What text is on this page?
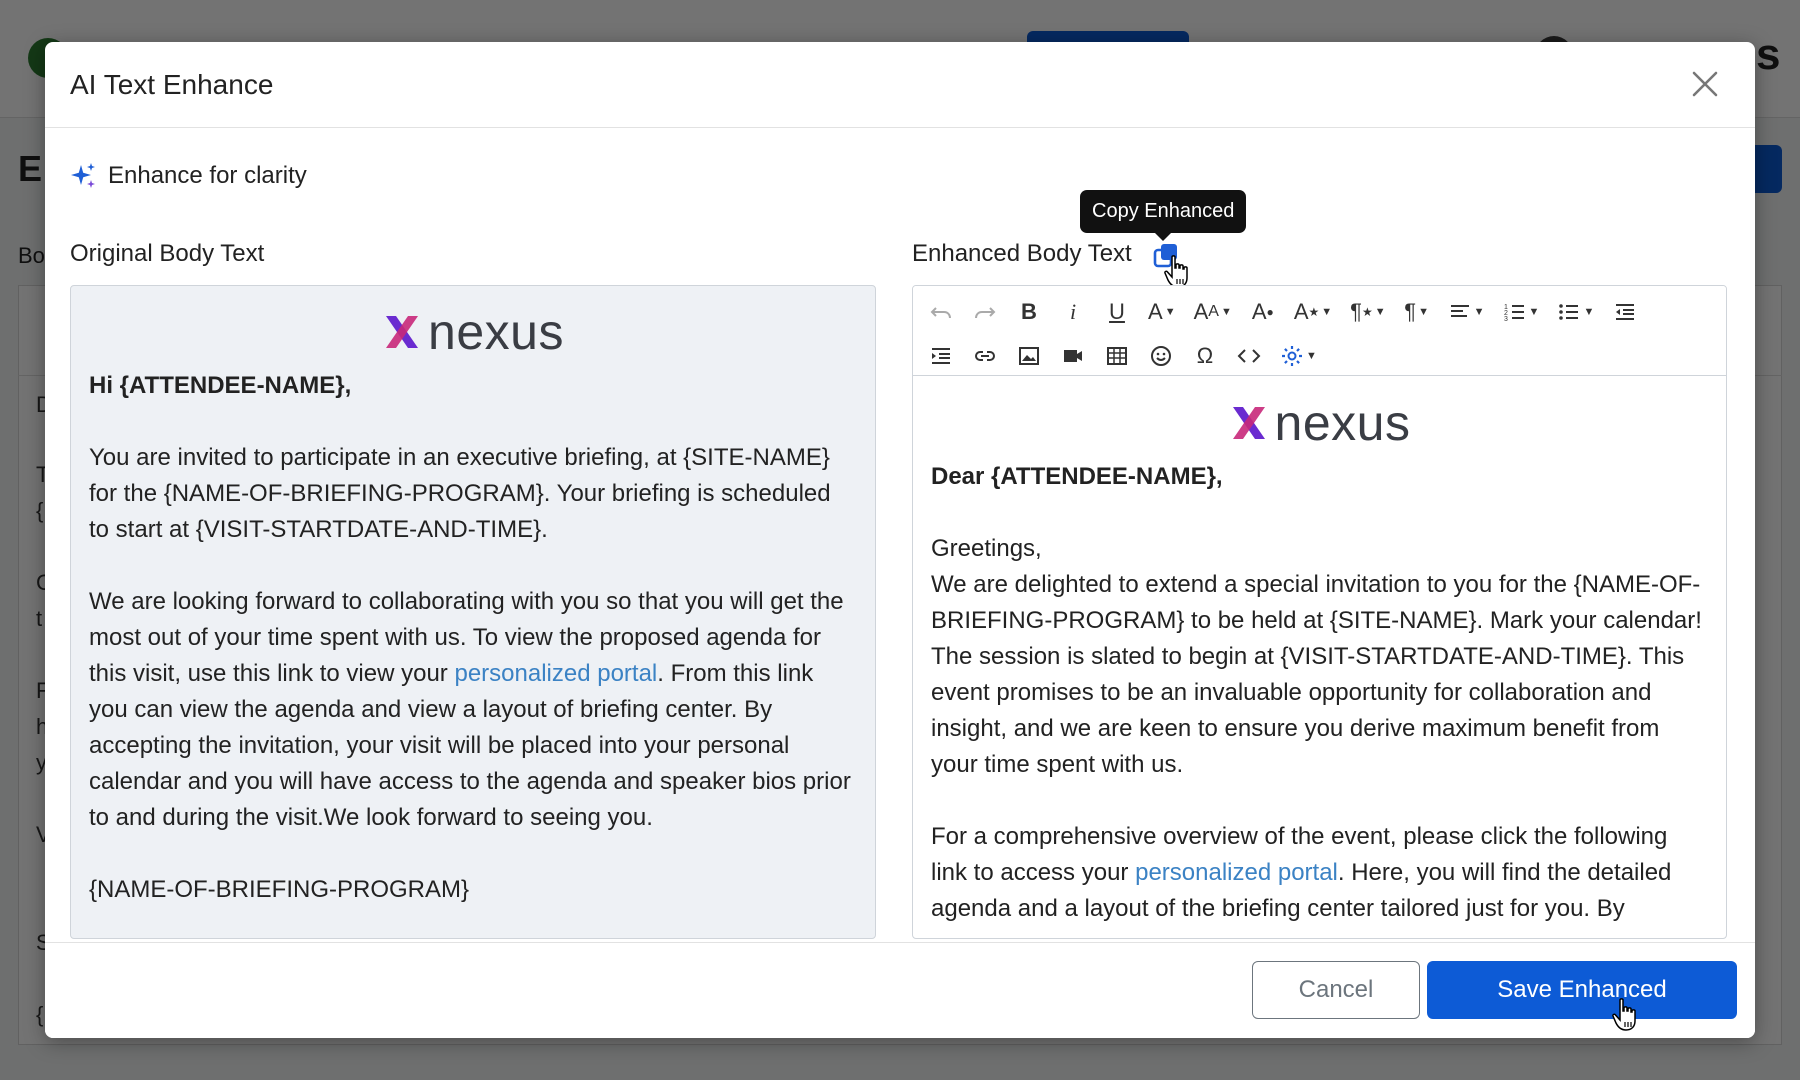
AI Text Enhance
Enhance for clarity
Original Body Text	Enhanced Body Text
Copy Enhanced
nexus

Hi {ATTENDEE-NAME},

You are invited to participate in an executive briefing, at {SITE-NAME} for the {NAME-OF-BRIEFING-PROGRAM}. Your briefing is scheduled to start at {VISIT-STARTDATE-AND-TIME}.

We are looking forward to collaborating with you so that you will get the most out of your time spent with us. To view the proposed agenda for this visit, use this link to view your personalized portal. From this link you can view the agenda and view a layout of briefing center. By accepting the invitation, your visit will be placed into your personal calendar and you will have access to the agenda and speaker bios prior to and during the visit.We look forward to seeing you.

{NAME-OF-BRIEFING-PROGRAM}

B	i	U	A ▼ A A ▼ A ● A ★ ▼ ¶ ★ ▼ ¶ ▼	▼	1
2
3
▼	▼
Ω	▼
nexus

Dear {ATTENDEE-NAME},

Greetings,

We are delighted to extend a special invitation to you for the {NAME-OF-BRIEFING-PROGRAM} to be held at {SITE-NAME}. Mark your calendar! The session is slated to begin at {VISIT-STARTDATE-AND-TIME}. This event promises to be an invaluable opportunity for collaboration and insight, and we are keen to ensure you derive maximum benefit from your time spent with us.

For a comprehensive overview of the event, please click the following link to access your personalized portal. Here, you will find the detailed agenda and a layout of the briefing center tailored just for you. By

Cancel	Save Enhanced
